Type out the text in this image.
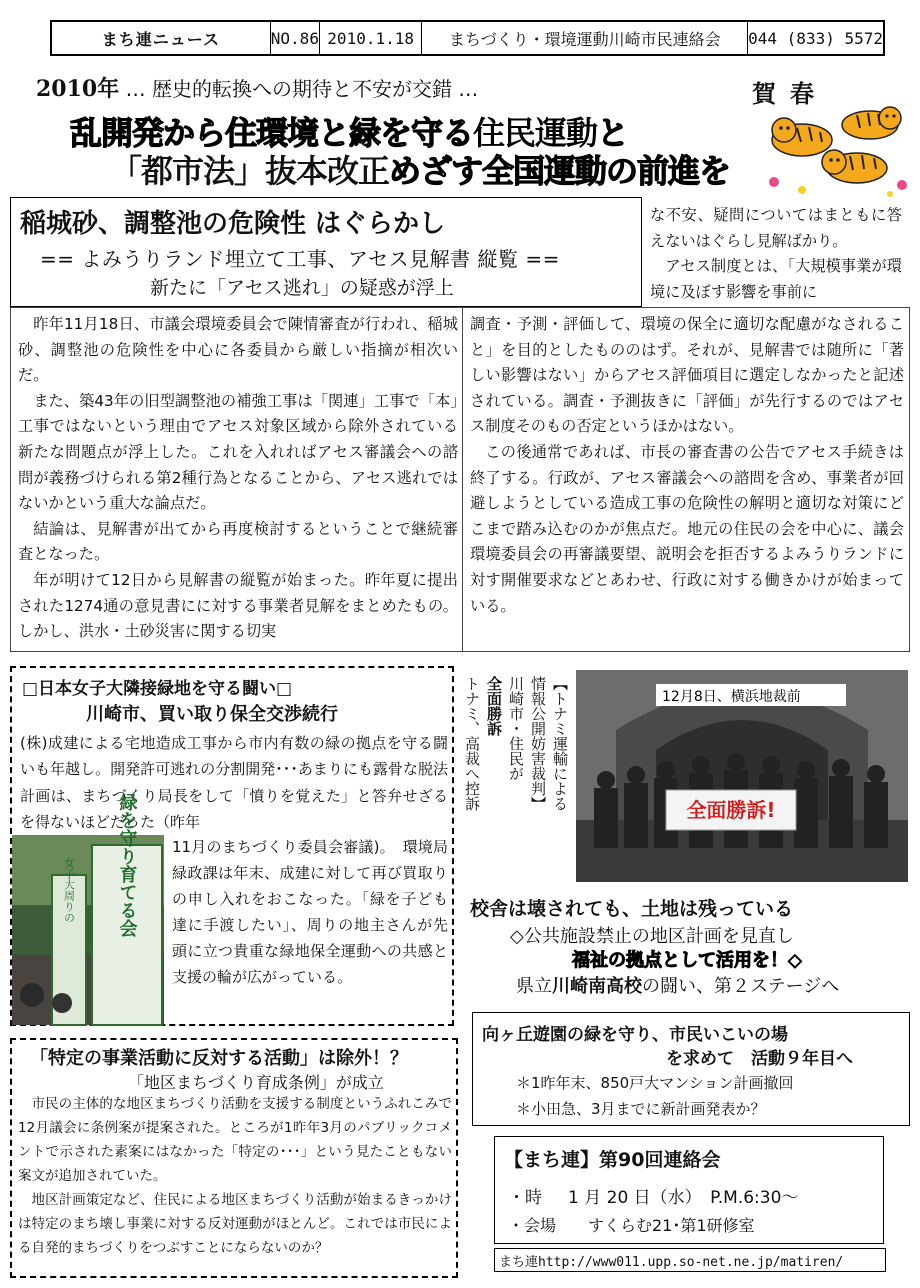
まち連ニュース	NO.86 2010.1.18	まちづくり・環境運動川崎市民連絡会	044 (833) 5572
2010年 … 歴史的転換への期待と不安が交錯 …	賀春
乱開発から住環境と緑を守る住民運動と
「都市法」抜本改正めざす全国運動の前進を
稲城砂、調整池の危険性 はぐらかし
== よみうりランド埋立て工事、アセス見解書 縦覧 ==
新たに「アセス逃れ」の疑惑が浮上

昨年11月18日、市議会環境委員会で陳情審査が行われ、稲城砂、調整池の危険性を中心に各委員から厳しい指摘が相次いだ。

また、築43年の旧型調整池の補強工事は「関連」工事で「本」工事ではないという理由でアセス対象区域から除外されている新たな問題点が浮上した。これを入れればアセス審議会への諮問が義務づけられる第2種行為となることから、アセス逃れではないかという重大な論点だ。

結論は、見解書が出てから再度検討するということで継続審査となった。

年が明けて12日から見解書の縦覧が始まった。昨年夏に提出された1274通の意見書にに対する事業者見解をまとめたもの。しかし、洪水・土砂災害に関する切実

な不安、疑問についてはまともに答えないはぐらし見解ばかり。

アセス制度とは、「大規模事業が環境に及ぼす影響を事前に

調査・予測・評価して、環境の保全に適切な配慮がなされること」を目的としたもののはず。それが、見解書では随所に「著しい影響はない」からアセス評価項目に選定しなかったと記述されている。調査・予測抜きに「評価」が先行するのではアセス制度そのもの否定というほかはない。

この後通常であれば、市長の審査書の公告でアセス手続きは終了する。行政が、アセス審議会への諮問を含め、事業者が回避しようとしている造成工事の危険性の解明と適切な対策にどこまで踏み込むのかが焦点だ。地元の住民の会を中心に、議会環境委員会の再審議要望、説明会を拒否するよみうりランドに対す開催要求などとあわせ、行政に対する働きかけが始まっている。

□日本女子大隣接緑地を守る闘い□
川崎市、買い取り保全交渉続行
(株)成建による宅地造成工事から市内有数の緑の拠点を守る闘いも年越し。開発許可逃れの分割開発･･･あまりにも露骨な脱法計画は、まちづくり局長をして「憤りを覚えた」と答弁せざるを得ないほどだった（昨年
11月のまちづくり委員会審議)。　環境局緑政課は年末、成建に対して再び買取りの申し入れをおこなった。「緑を子ども達に手渡したい」、周りの地主さんが先頭に立つ貴重な緑地保全運動への共感と支援の輪が広がっている。
緑を守り育てる会
女子大周りの
【トナミ運輸による
情報公開妨害裁判】
川崎市・住民が
全面勝訴
トナミ、高裁へ控訴	全面勝訴!
12月8日、横浜地裁前
校舎は壊されても、土地は残っている
◇公共施設禁止の地区計画を見直し
福祉の拠点として活用を！◇
県立川崎南高校の闘い、第２ステージへ
向ヶ丘遊園の緑を守り、市民いこいの場
を求めて　活動９年目へ
＊1昨年末、850戸大マンション計画撤回
＊小田急、3月までに新計画発表か？
「特定の事業活動に反対する活動」は除外！？
「地区まちづくり育成条例」が成立

市民の主体的な地区まちづくり活動を支援する制度というふれこみで12月議会に条例案が提案された。ところが1昨年3月のパブリックコメントで示された素案にはなかった「特定の･･･」という見たこともない案文が追加されていた。

地区計画策定など、住民による地区まちづくり活動が始まるきっかけは特定のまち壊し事業に対する反対運動がほとんど。これでは市民による自発的まちづくりをつぶすことにならないのか？

【まち連】第90回連絡会
・時 1 月 20 日（水）　P.M.6:30～
・会場 すくらむ21･第1研修室
まち連http://www011.upp.so-net.ne.jp/matiren/
